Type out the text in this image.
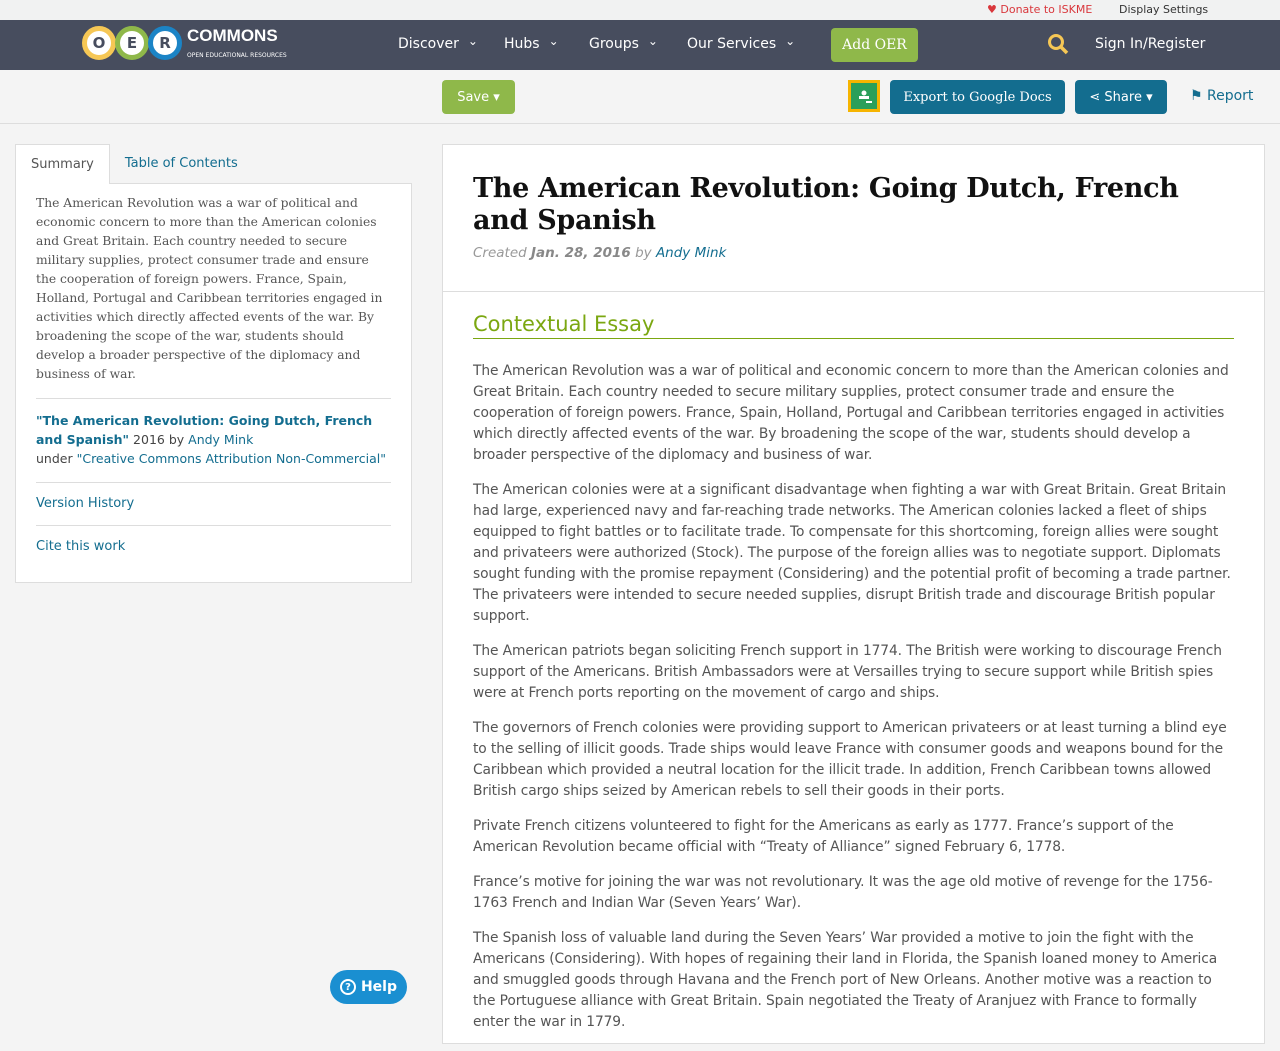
♥ Donate to ISKME Display Settings
O	E	R COMMONS
OPEN EDUCATIONAL RESOURCES
Discover ⌄	Hubs ⌄	Groups ⌄	Our Services ⌄	Add OER	Sign In/Register
Save
▾	Export to Google Docs	⋖
Share
▾	⚑ Report
Summary	Table of Contents
The American Revolution was a war of political and economic concern to more than the American colonies and Great Britain. Each country needed to secure military supplies, protect consumer trade and ensure the cooperation of foreign powers. France, Spain, Holland, Portugal and Caribbean territories engaged in activities which directly affected events of the war. By broadening the scope of the war, students should develop a broader perspective of the diplomacy and business of war.
"The American Revolution: Going Dutch, French and Spanish" 2016 by Andy Mink
under "Creative Commons Attribution Non-Commercial"
Version History
Cite this work
The American Revolution: Going Dutch, French and Spanish
Created Jan. 28, 2016 by Andy Mink
Contextual Essay

The American Revolution was a war of political and economic concern to more than the American colonies and Great Britain. Each country needed to secure military supplies, protect consumer trade and ensure the cooperation of foreign powers. France, Spain, Holland, Portugal and Caribbean territories engaged in activities which directly affected events of the war. By broadening the scope of the war, students should develop a broader perspective of the diplomacy and business of war.

The American colonies were at a significant disadvantage when fighting a war with Great Britain. Great Britain had large, experienced navy and far-reaching trade networks. The American colonies lacked a fleet of ships equipped to fight battles or to facilitate trade. To compensate for this shortcoming, foreign allies were sought and privateers were authorized (Stock). The purpose of the foreign allies was to negotiate support. Diplomats sought funding with the promise repayment (Considering) and the potential profit of becoming a trade partner. The privateers were intended to secure needed supplies, disrupt British trade and discourage British popular support.

The American patriots began soliciting French support in 1774. The British were working to discourage French support of the Americans. British Ambassadors were at Versailles trying to secure support while British spies were at French ports reporting on the movement of cargo and ships.

The governors of French colonies were providing support to American privateers or at least turning a blind eye to the selling of illicit goods. Trade ships would leave France with consumer goods and weapons bound for the Caribbean which provided a neutral location for the illicit trade. In addition, French Caribbean towns allowed British cargo ships seized by American rebels to sell their goods in their ports.

Private French citizens volunteered to fight for the Americans as early as 1777. France’s support of the American Revolution became official with “Treaty of Alliance” signed February 6, 1778.

France’s motive for joining the war was not revolutionary. It was the age old motive of revenge for the 1756-1763 French and Indian War (Seven Years’ War).

The Spanish loss of valuable land during the Seven Years’ War provided a motive to join the fight with the Americans (Considering). With hopes of regaining their land in Florida, the Spanish loaned money to America and smuggled goods through Havana and the French port of New Orleans. Another motive was a reaction to the Portuguese alliance with Great Britain. Spain negotiated the Treaty of Aranjuez with France to formally enter the war in 1779.

? Help
